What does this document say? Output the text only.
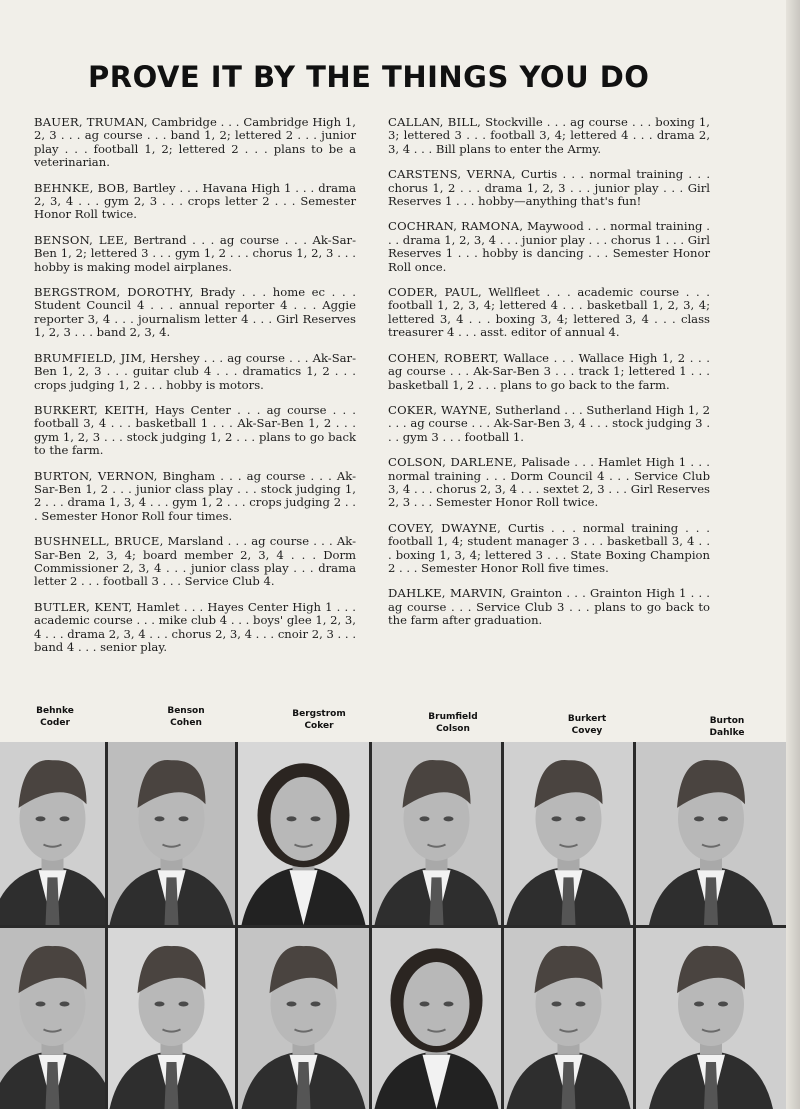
PROVE IT BY THE THINGS YOU DO

BAUER, TRUMAN, Cambridge . . . Cambridge High 1, 2, 3 . . . ag course . . . band 1, 2; lettered 2 . . . junior play . . . football 1, 2; lettered 2 . . . plans to be a veterinarian.

BEHNKE, BOB, Bartley . . . Havana High 1 . . . drama 2, 3, 4 . . . gym 2, 3 . . . crops letter 2 . . . Semester Honor Roll twice.

BENSON, LEE, Bertrand . . . ag course . . . Ak-Sar-Ben 1, 2; lettered 3 . . . gym 1, 2 . . . chorus 1, 2, 3 . . . hobby is making model airplanes.

BERGSTROM, DOROTHY, Brady . . . home ec . . . Student Council 4 . . . annual reporter 4 . . . Aggie reporter 3, 4 . . . journalism letter 4 . . . Girl Reserves 1, 2, 3 . . . band 2, 3, 4.

BRUMFIELD, JIM, Hershey . . . ag course . . . Ak-Sar-Ben 1, 2, 3 . . . guitar club 4 . . . dramatics 1, 2 . . . crops judging 1, 2 . . . hobby is motors.

BURKERT, KEITH, Hays Center . . . ag course . . . football 3, 4 . . . basketball 1 . . . Ak-Sar-Ben 1, 2 . . . gym 1, 2, 3 . . . stock judging 1, 2 . . . plans to go back to the farm.

BURTON, VERNON, Bingham . . . ag course . . . Ak-Sar-Ben 1, 2 . . . junior class play . . . stock judging 1, 2 . . . drama 1, 3, 4 . . . gym 1, 2 . . . crops judging 2 . . . Semester Honor Roll four times.

BUSHNELL, BRUCE, Marsland . . . ag course . . . Ak-Sar-Ben 2, 3, 4; board member 2, 3, 4 . . . Dorm Commissioner 2, 3, 4 . . . junior class play . . . drama letter 2 . . . football 3 . . . Service Club 4.

BUTLER, KENT, Hamlet . . . Hayes Center High 1 . . . academic course . . . mike club 4 . . . boys' glee 1, 2, 3, 4 . . . drama 2, 3, 4 . . . chorus 2, 3, 4 . . . cnoir 2, 3 . . . band 4 . . . senior play.

CALLAN, BILL, Stockville . . . ag course . . . boxing 1, 3; lettered 3 . . . football 3, 4; lettered 4 . . . drama 2, 3, 4 . . . Bill plans to enter the Army.

CARSTENS, VERNA, Curtis . . . normal training . . . chorus 1, 2 . . . drama 1, 2, 3 . . . junior play . . . Girl Reserves 1 . . . hobby—anything that's fun!

COCHRAN, RAMONA, Maywood . . . normal training . . . drama 1, 2, 3, 4 . . . junior play . . . chorus 1 . . . Girl Reserves 1 . . . hobby is dancing . . . Semester Honor Roll once.

CODER, PAUL, Wellfleet . . . academic course . . . football 1, 2, 3, 4; lettered 4 . . . basketball 1, 2, 3, 4; lettered 3, 4 . . . boxing 3, 4; lettered 3, 4 . . . class treasurer 4 . . . asst. editor of annual 4.

COHEN, ROBERT, Wallace . . . Wallace High 1, 2 . . . ag course . . . Ak-Sar-Ben 3 . . . track 1; lettered 1 . . . basketball 1, 2 . . . plans to go back to the farm.

COKER, WAYNE, Sutherland . . . Sutherland High 1, 2 . . . ag course . . . Ak-Sar-Ben 3, 4 . . . stock judging 3 . . . gym 3 . . . football 1.

COLSON, DARLENE, Palisade . . . Hamlet High 1 . . . normal training . . . Dorm Council 4 . . . Service Club 3, 4 . . . chorus 2, 3, 4 . . . sextet 2, 3 . . . Girl Reserves 2, 3 . . . Semester Honor Roll twice.

COVEY, DWAYNE, Curtis . . . normal training . . . football 1, 4; student manager 3 . . . basketball 3, 4 . . . boxing 1, 3, 4; lettered 3 . . . State Boxing Champion 2 . . . Semester Honor Roll five times.

DAHLKE, MARVIN, Grainton . . . Grainton High 1 . . . ag course . . . Service Club 3 . . . plans to go back to the farm after graduation.

Behnke
Coder
Benson
Cohen
Bergstrom
Coker
Brumfield
Colson
Burkert
Covey
Burton
Dahlke
